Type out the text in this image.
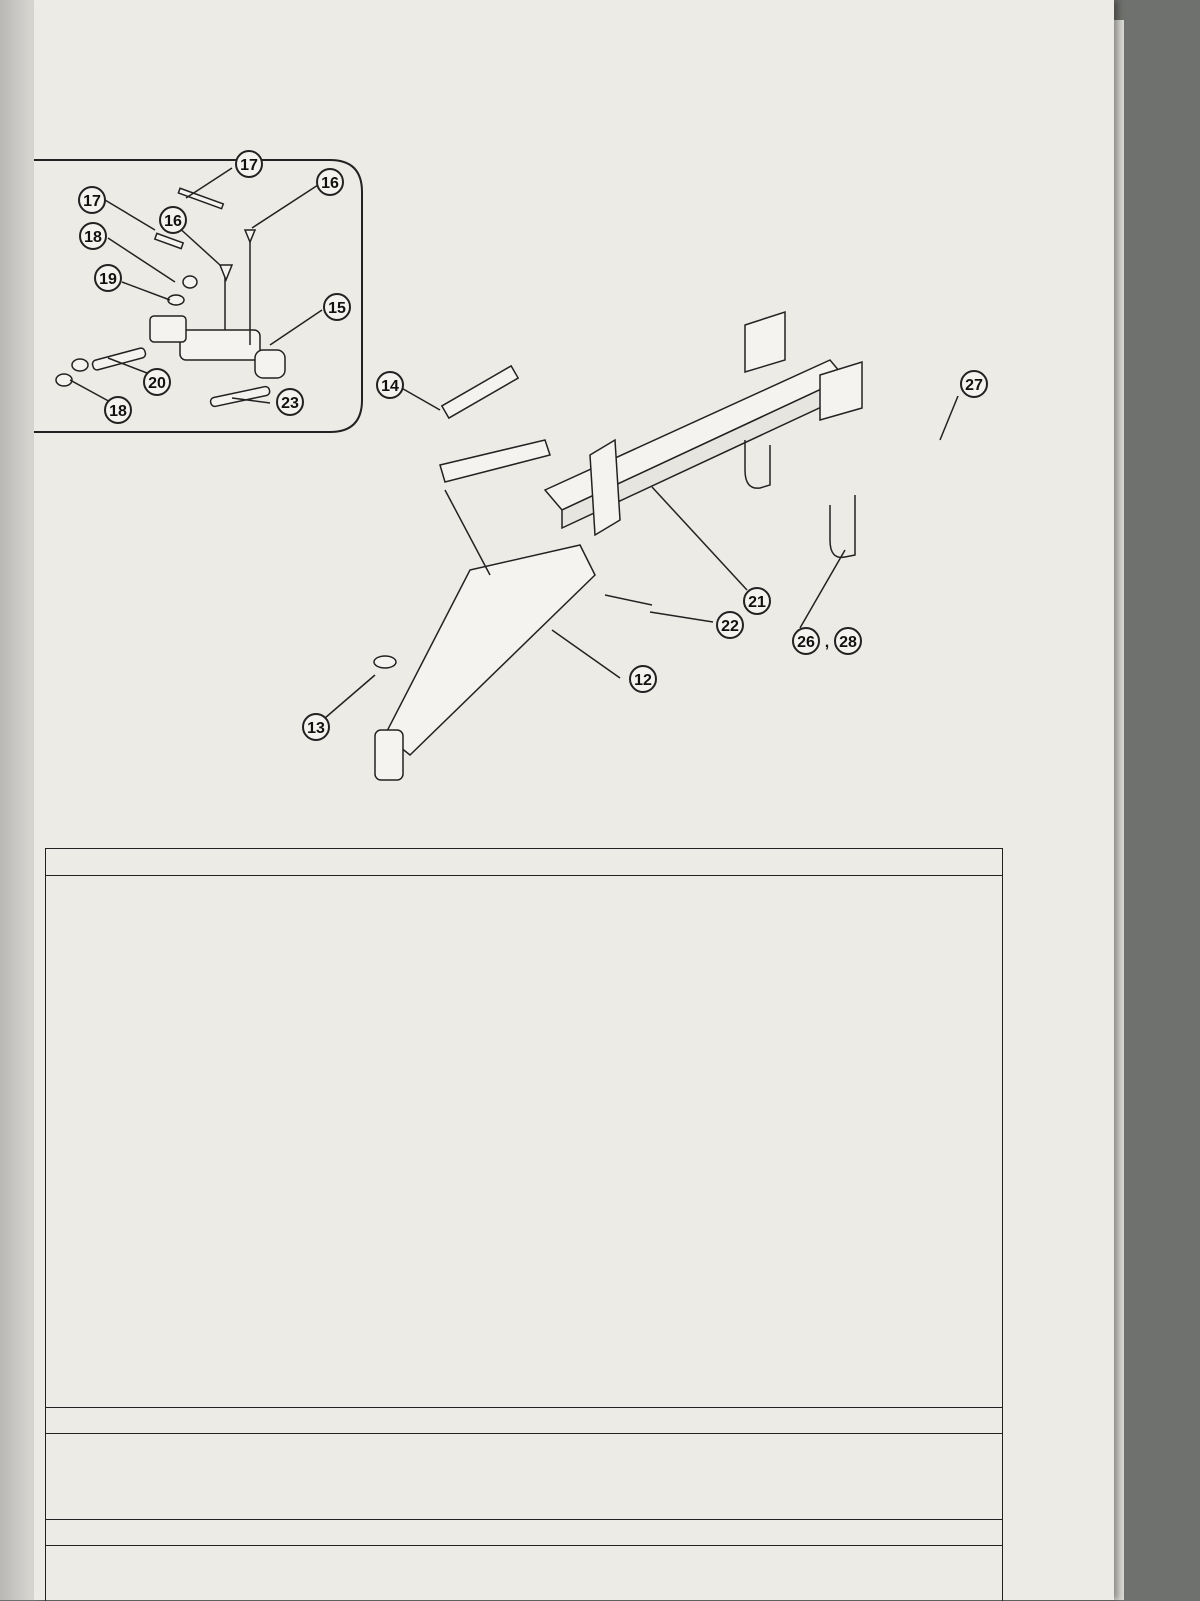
17
16
17
16
18
19
15
20
18	23
14	27
21
22
26 , 28
12
13
